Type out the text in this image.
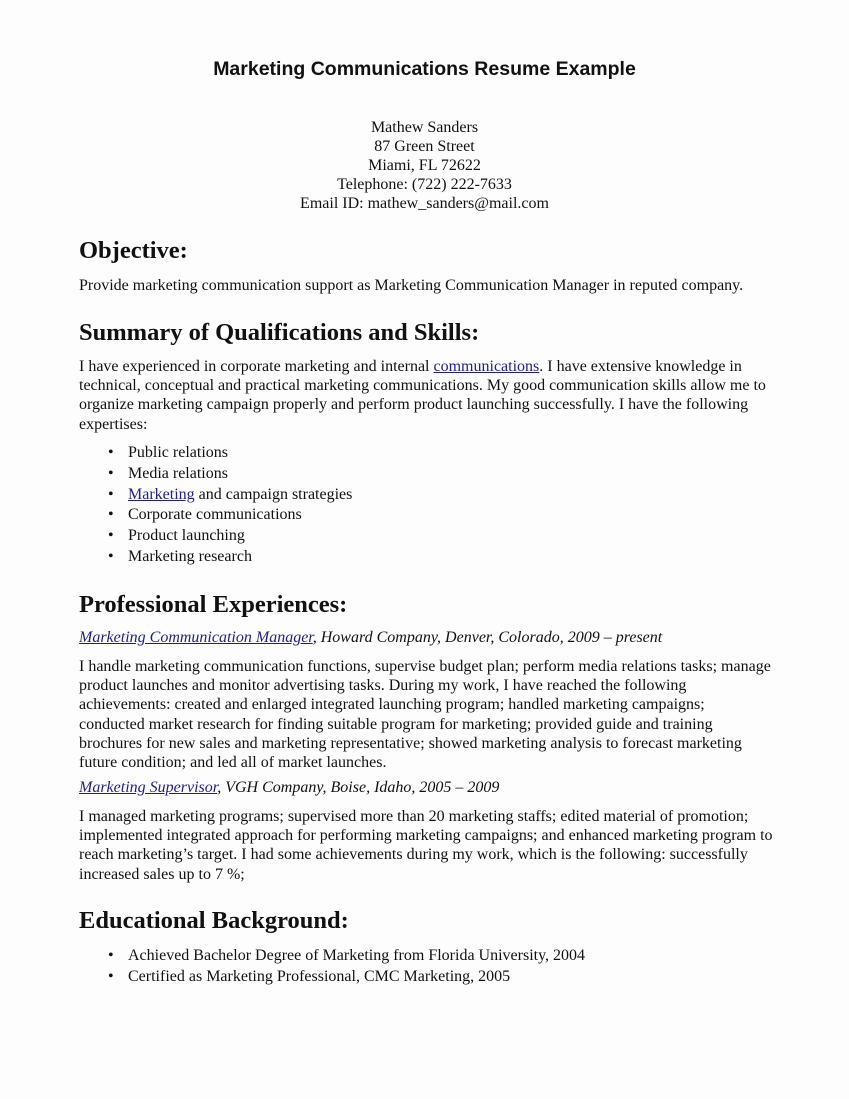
Marketing Communications Resume Example
Mathew Sanders
87 Green Street
Miami, FL 72622
Telephone: (722) 222-7633
Email ID: mathew_sanders@mail.com
Objective:
Provide marketing communication support as Marketing Communication Manager in reputed company.
Summary of Qualifications and Skills:
I have experienced in corporate marketing and internal communications. I have extensive knowledge in technical, conceptual and practical marketing communications. My good communication skills allow me to organize marketing campaign properly and perform product launching successfully. I have the following expertises:
• Public relations
• Media relations
• Marketing and campaign strategies
• Corporate communications
• Product launching
• Marketing research
Professional Experiences:
Marketing Communication Manager, Howard Company, Denver, Colorado, 2009 – present
I handle marketing communication functions, supervise budget plan; perform media relations tasks; manage product launches and monitor advertising tasks. During my work, I have reached the following achievements: created and enlarged integrated launching program; handled marketing campaigns; conducted market research for finding suitable program for marketing; provided guide and training brochures for new sales and marketing representative; showed marketing analysis to forecast marketing future condition; and led all of market launches.
Marketing Supervisor, VGH Company, Boise, Idaho, 2005 – 2009
I managed marketing programs; supervised more than 20 marketing staffs; edited material of promotion; implemented integrated approach for performing marketing campaigns; and enhanced marketing program to reach marketing’s target. I had some achievements during my work, which is the following: successfully increased sales up to 7 %;
Educational Background:
• Achieved Bachelor Degree of Marketing from Florida University, 2004
• Certified as Marketing Professional, CMC Marketing, 2005
